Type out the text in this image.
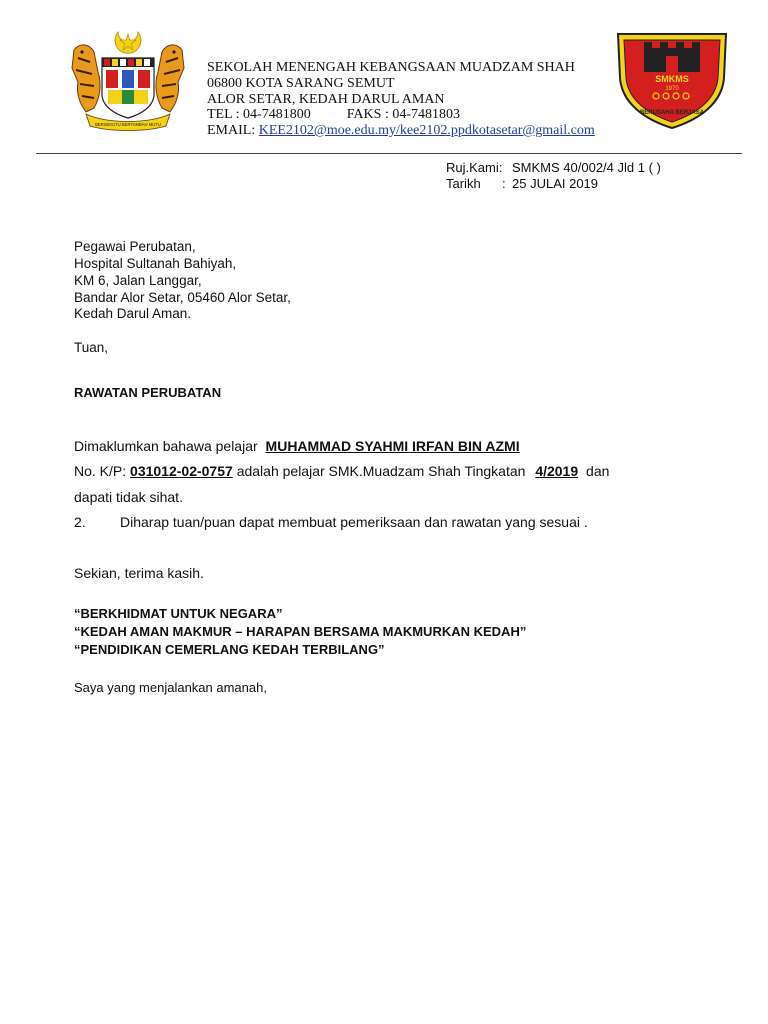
BERSEKUTU BERTAMBAH MUTU
SEKOLAH MENENGAH KEBANGSAAN MUADZAM SHAH
06800 KOTA SARANG SEMUT
ALOR SETAR, KEDAH DARUL AMAN
TEL : 04-7481800	FAKS : 04-7481803
EMAIL: KEE2102@moe.edu.my/kee2102.ppdkotasetar@gmail.com
SMKMS
1970
BERUSAHA BERJASA
Ruj.Kami: SMKMS 40/002/4 Jld 1 ( )
Tarikh : 25 JULAI 2019
Pegawai Perubatan,
Hospital Sultanah Bahiyah,
KM 6, Jalan Langgar,
Bandar Alor Setar, 05460 Alor Setar,
Kedah Darul Aman.
Tuan,
RAWATAN PERUBATAN
Dimaklumkan bahawa pelajar MUHAMMAD SYAHMI IRFAN BIN AZMI
No. K/P: 031012-02-0757 adalah pelajar SMK.Muadzam Shah Tingkatan 4/2019 dan
dapati tidak sihat.
2. Diharap tuan/puan dapat membuat pemeriksaan dan rawatan yang sesuai .
Sekian, terima kasih.
“BERKHIDMAT UNTUK NEGARA”
“KEDAH AMAN MAKMUR – HARAPAN BERSAMA MAKMURKAN KEDAH”
“PENDIDIKAN CEMERLANG KEDAH TERBILANG”
Saya yang menjalankan amanah,
